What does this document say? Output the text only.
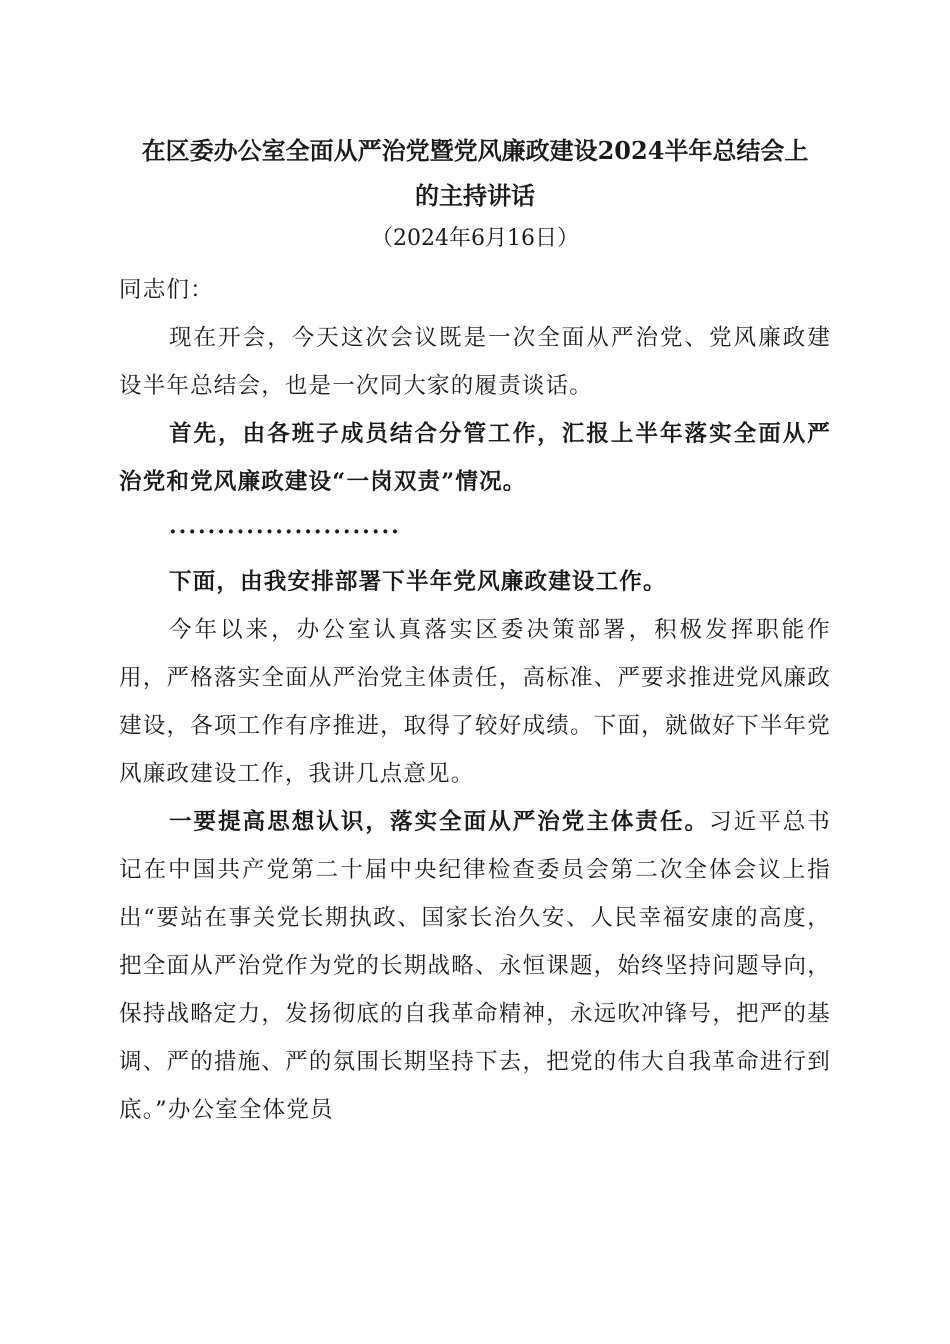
在区委办公室全面从严治党暨党风廉政建设2024半年总结会上

的主持讲话

（2024年6月16日）

同志们：

现在开会，今天这次会议既是一次全面从严治党、党风廉政建设半年总结会，也是一次同大家的履责谈话。

首先，由各班子成员结合分管工作，汇报上半年落实全面从严治党和党风廉政建设“一岗双责”情况。

························

下面，由我安排部署下半年党风廉政建设工作。

今年以来，办公室认真落实区委决策部署，积极发挥职能作用，严格落实全面从严治党主体责任，高标准、严要求推进党风廉政建设，各项工作有序推进，取得了较好成绩。下面，就做好下半年党风廉政建设工作，我讲几点意见。

一要提高思想认识，落实全面从严治党主体责任。习近平总书记在中国共产党第二十届中央纪律检查委员会第二次全体会议上指出“要站在事关党长期执政、国家长治久安、人民幸福安康的高度，把全面从严治党作为党的长期战略、永恒课题，始终坚持问题导向，保持战略定力，发扬彻底的自我革命精神，永远吹冲锋号，把严的基调、严的措施、严的氛围长期坚持下去，把党的伟大自我革命进行到底。”办公室全体党员
